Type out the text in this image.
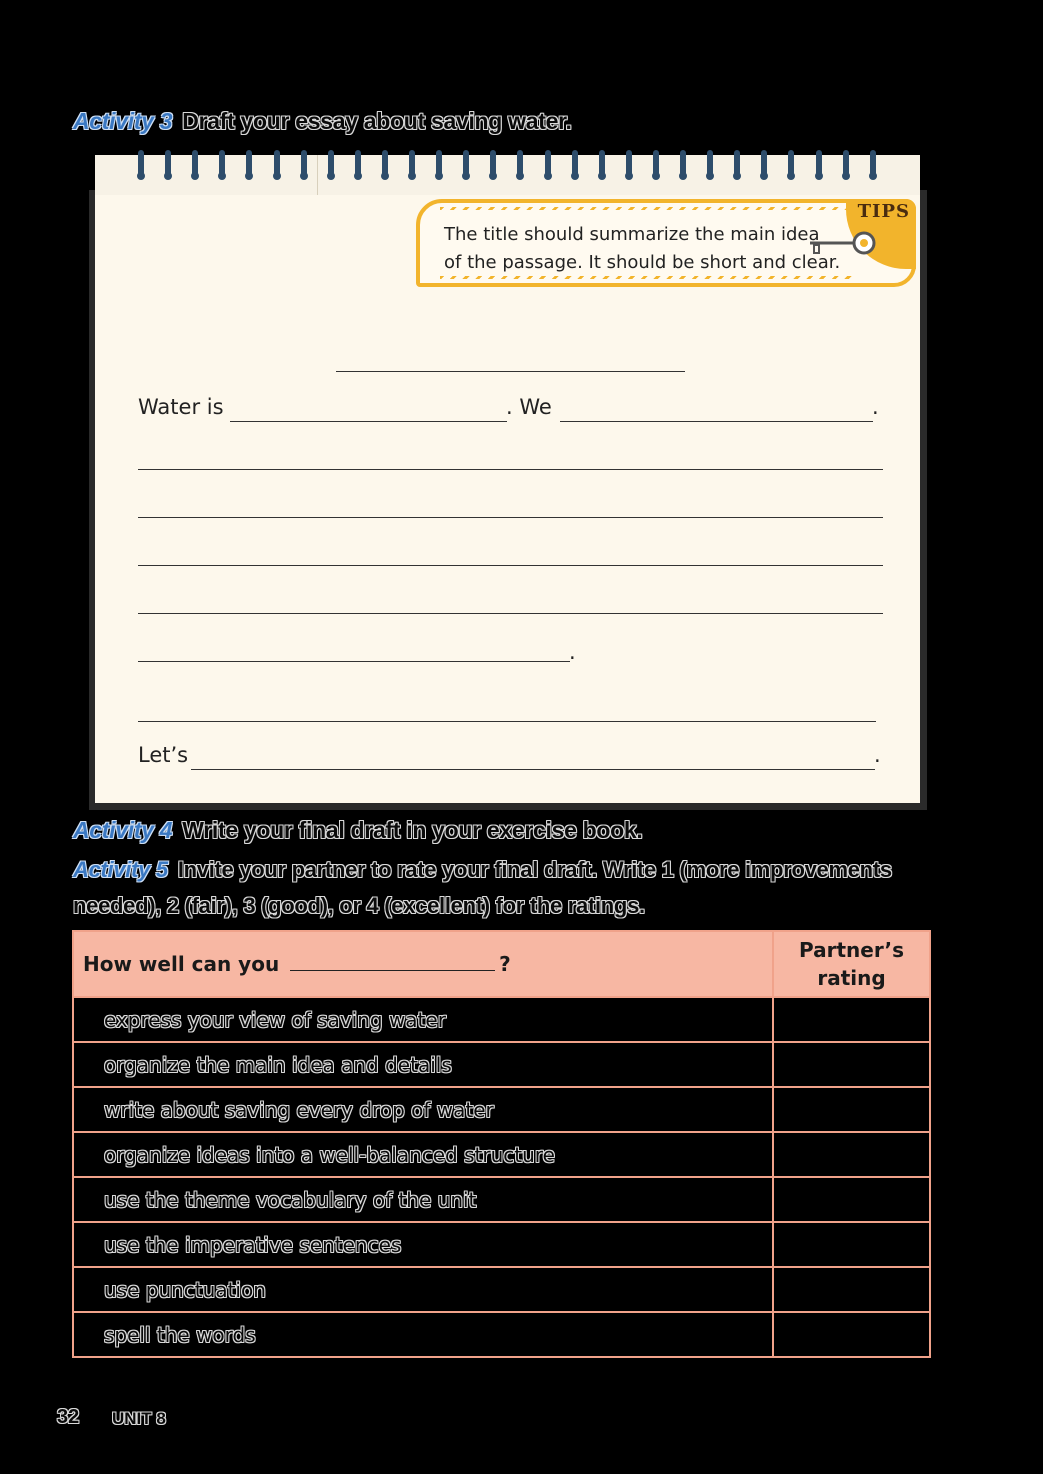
Activity 3 Draft your essay about saving water.
The title should summarize the main idea
of the passage. It should be short and clear.
TIPS
Water is	. We	.
.
Let’s	.
Activity 4 Write your final draft in your exercise book.
Activity 5 Invite your partner to rate your final draft. Write 1 (more improvements
needed), 2 (fair), 3 (good), or 4 (excellent) for the ratings.
How well can you ?	Partner’s
rating

express your view of saving water	
organize the main idea and details	
write about saving every drop of water	
organize ideas into a well-balanced structure	
use the theme vocabulary of the unit	
use the imperative sentences	
use punctuation	
spell the words	
32 UNIT 8
